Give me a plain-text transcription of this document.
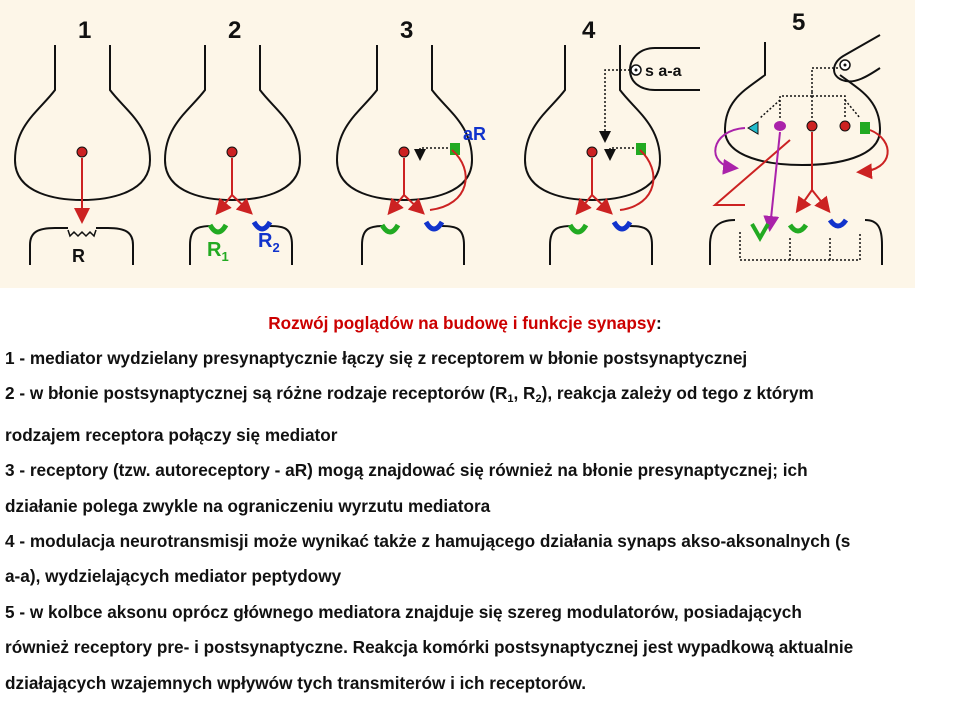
1
R
2
$R_1$
$R_2$
3
aR
4
s a-a
5
Rozwój poglądów na budowę i funkcje synapsy:
1 - mediator wydzielany presynaptycznie łączy się z receptorem w błonie postsynaptycznej
2 - w błonie postsynaptycznej są różne rodzaje receptorów ($R_1$, $R_2$), reakcja zależy od tego z którym
rodzajem receptora połączy się mediator
3 - receptory (tzw. autoreceptory - aR) mogą znajdować się również na błonie presynaptycznej; ich
działanie polega zwykle na ograniczeniu wyrzutu mediatora
4 - modulacja neurotransmisji może wynikać także z hamującego działania synaps akso-aksonalnych (s
a-a), wydzielających mediator peptydowy
5 - w kolbce aksonu oprócz głównego mediatora znajduje się szereg modulatorów, posiadających
również receptory pre- i postsynaptyczne. Reakcja komórki postsynaptycznej jest wypadkową aktualnie
działających wzajemnych wpływów tych transmiterów i ich receptorów.
